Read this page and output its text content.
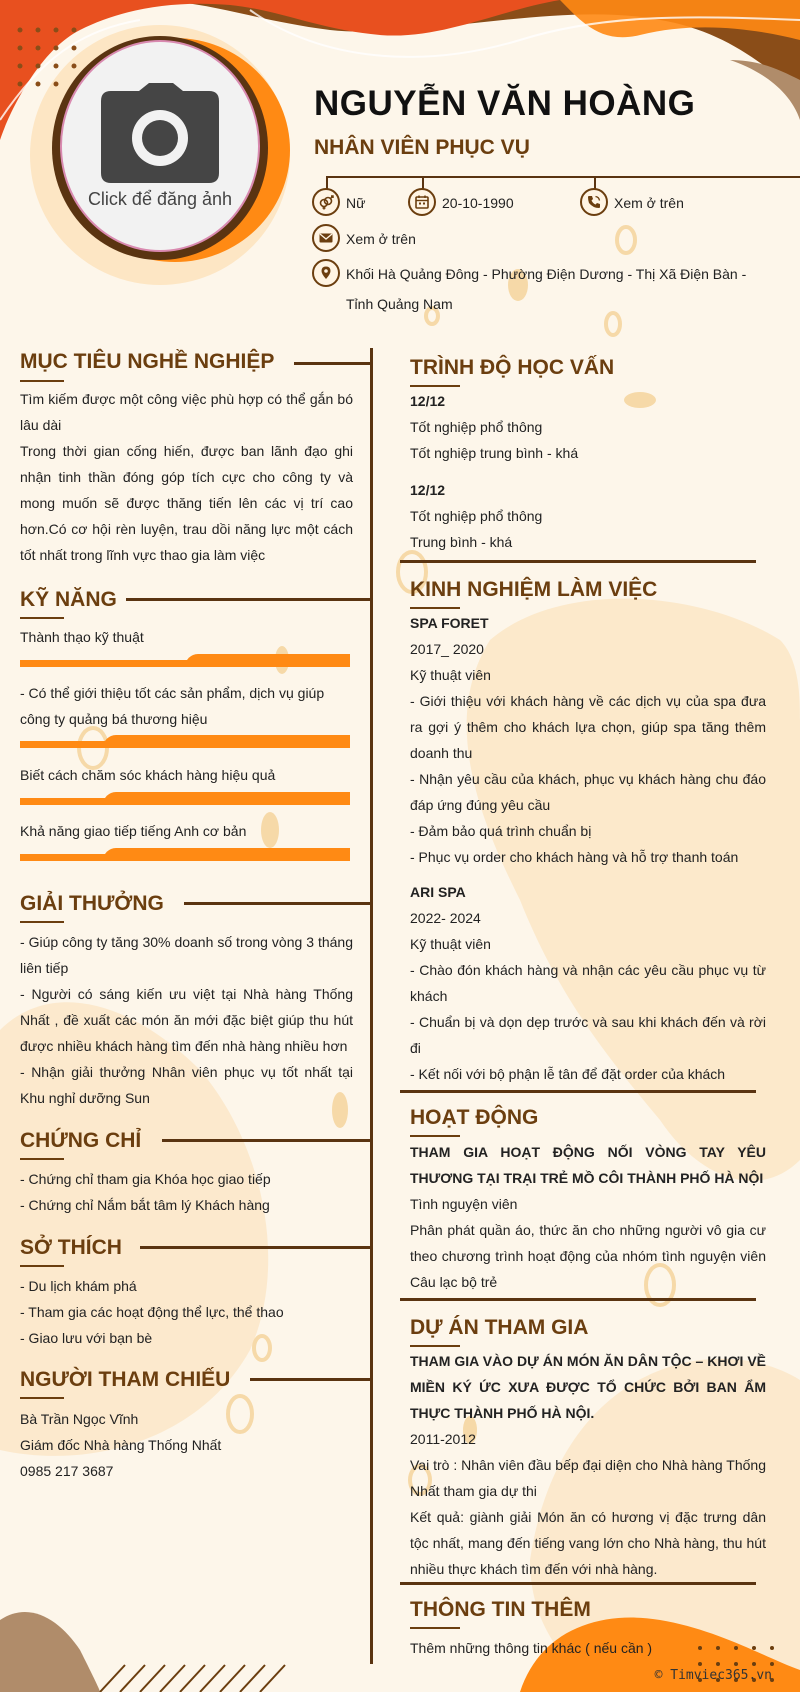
Click để đăng ảnh
NGUYỄN VĂN HOÀNG
NHÂN VIÊN PHỤC VỤ
Nữ	20-10-1990	Xem ở trên
Xem ở trên
Khối Hà Quảng Đông - Phường Điện Dương - Thị Xã Điện Bàn - Tỉnh Quảng Nam
MỤC TIÊU NGHỀ NGHIỆP

Tìm kiếm được một công việc phù hợp có thể gắn bó lâu dài

Trong thời gian cống hiến, được ban lãnh đạo ghi nhận tinh thần đóng góp tích cực cho công ty và mong muốn sẽ được thăng tiến lên các vị trí cao hơn.Có cơ hội rèn luyện, trau dồi năng lực một cách tốt nhất trong lĩnh vực thao gia làm việc

KỸ NĂNG
Thành thạo kỹ thuật
- Có thể giới thiệu tốt các sản phẩm, dịch vụ giúp công ty quảng bá thương hiệu
Biết cách chăm sóc khách hàng hiệu quả
Khả năng giao tiếp tiếng Anh cơ bản
GIẢI THƯỞNG

- Giúp công ty tăng 30% doanh số trong vòng 3 tháng liên tiếp

- Người có sáng kiến ưu việt tại Nhà hàng Thống Nhất , đề xuất các món ăn mới đặc biệt giúp thu hút được nhiều khách hàng tìm đến nhà hàng nhiều hơn

- Nhận giải thưởng Nhân viên phục vụ tốt nhất tại Khu nghỉ dưỡng Sun

CHỨNG CHỈ

- Chứng chỉ tham gia Khóa học giao tiếp

- Chứng chỉ Nắm bắt tâm lý Khách hàng

SỞ THÍCH

- Du lịch khám phá

- Tham gia các hoạt động thể lực, thể thao

- Giao lưu với bạn bè

NGƯỜI THAM CHIẾU

Bà Trần Ngọc Vĩnh

Giám đốc Nhà hàng Thống Nhất

0985 217 3687

TRÌNH ĐỘ HỌC VẤN

12/12

Tốt nghiệp phổ thông

Tốt nghiệp trung bình - khá

12/12

Tốt nghiệp phổ thông

Trung bình - khá

KINH NGHIỆM LÀM VIỆC

SPA FORET

2017_ 2020

Kỹ thuật viên

- Giới thiệu với khách hàng về các dịch vụ của spa đưa ra gợi ý thêm cho khách lựa chọn, giúp spa tăng thêm doanh thu

- Nhận yêu cầu của khách, phục vụ khách hàng chu đáo đáp ứng đúng yêu cầu

- Đảm bảo quá trình chuẩn bị

- Phục vụ order cho khách hàng và hỗ trợ thanh toán

ARI SPA

2022- 2024

Kỹ thuật viên

- Chào đón khách hàng và nhận các yêu cầu phục vụ từ khách

- Chuẩn bị và dọn dẹp trước và sau khi khách đến và rời đi

- Kết nối với bộ phận lễ tân để đặt order của khách

HOẠT ĐỘNG

THAM GIA HOẠT ĐỘNG NỐI VÒNG TAY YÊU THƯƠNG TẠI TRẠI TRẺ MỒ CÔI THÀNH PHỐ HÀ NỘI

Tình nguyện viên

Phân phát quần áo, thức ăn cho những người vô gia cư theo chương trình hoạt động của nhóm tình nguyện viên Câu lạc bộ trẻ

DỰ ÁN THAM GIA

THAM GIA VÀO DỰ ÁN MÓN ĂN DÂN TỘC – KHƠI VỀ MIỀN KÝ ỨC XƯA ĐƯỢC TỔ CHỨC BỞI BAN ẨM THỰC THÀNH PHỐ HÀ NỘI.

2011-2012

Vai trò : Nhân viên đầu bếp đại diện cho Nhà hàng Thống Nhất tham gia dự thi

Kết quả: giành giải Món ăn có hương vị đặc trưng dân tộc nhất, mang đến tiếng vang lớn cho Nhà hàng, thu hút nhiều thực khách tìm đến với nhà hàng.

THÔNG TIN THÊM
Thêm những thông tin khác ( nếu cần )
© Timviec365.vn
